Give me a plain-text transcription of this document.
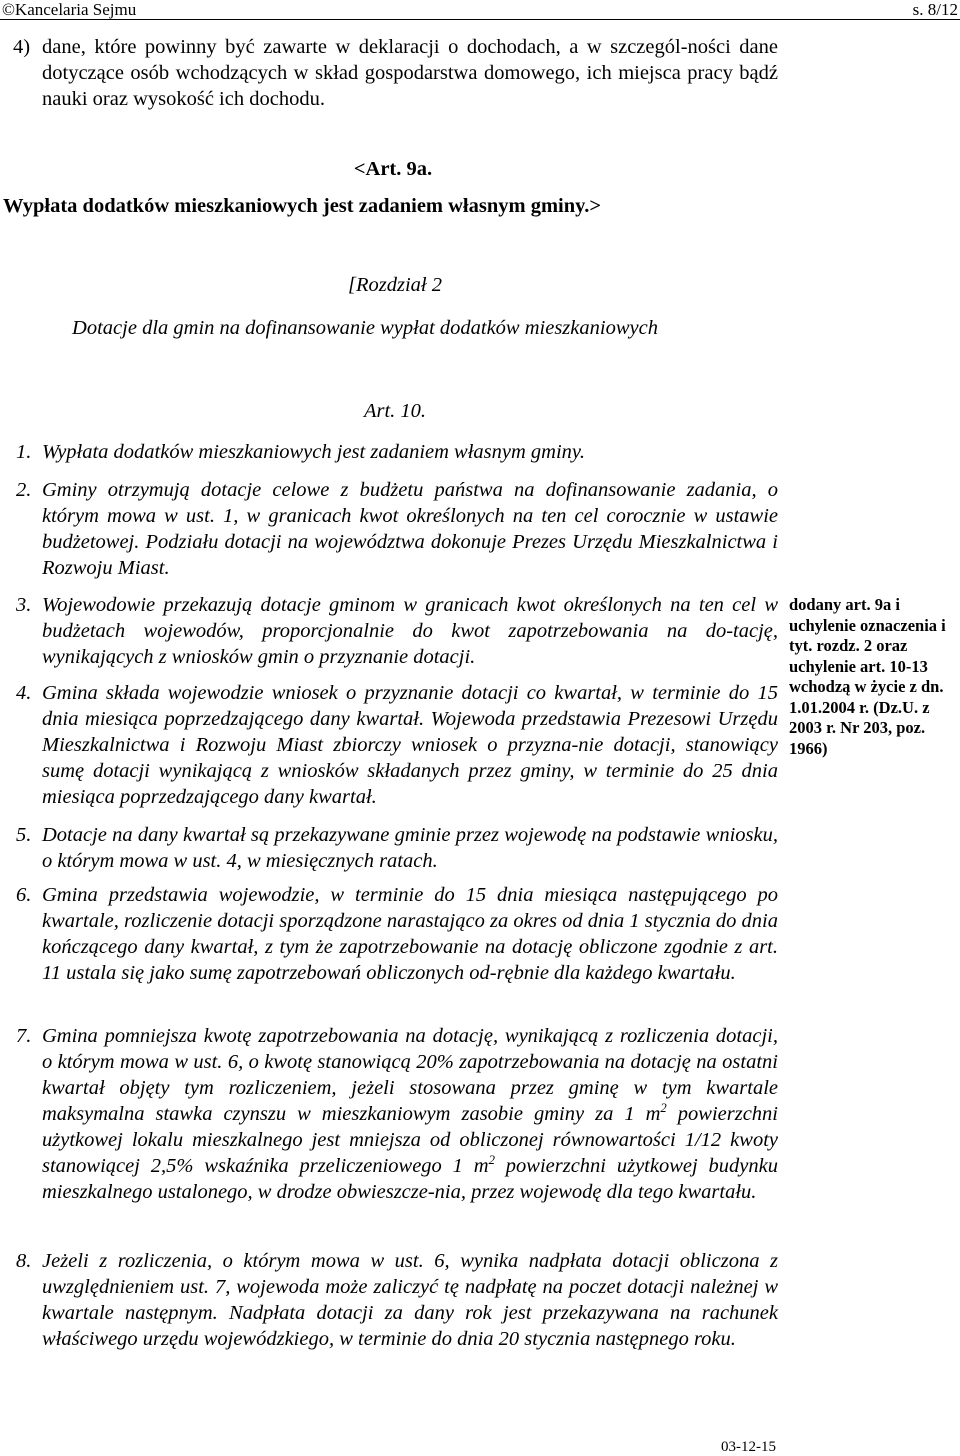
©Kancelaria Sejmu	s. 8/12
4) dane, które powinny być zawarte w deklaracji o dochodach, a w szczegól-ności dane dotyczące osób wchodzących w skład gospodarstwa domowego, ich miejsca pracy bądź nauki oraz wysokość ich dochodu.
<Art. 9a.
Wypłata dodatków mieszkaniowych jest zadaniem własnym gminy.>
[Rozdział 2
Dotacje dla gmin na dofinansowanie wypłat dodatków mieszkaniowych
Art. 10.
1. Wypłata dodatków mieszkaniowych jest zadaniem własnym gminy.
2. Gminy otrzymują dotacje celowe z budżetu państwa na dofinansowanie zadania, o którym mowa w ust. 1, w granicach kwot określonych na ten cel corocznie w ustawie budżetowej. Podziału dotacji na województwa dokonuje Prezes Urzędu Mieszkalnictwa i Rozwoju Miast.
3. Wojewodowie przekazują dotacje gminom w granicach kwot określonych na ten cel w budżetach wojewodów, proporcjonalnie do kwot zapotrzebowania na do-tację, wynikających z wniosków gmin o przyznanie dotacji.
4. Gmina składa wojewodzie wniosek o przyznanie dotacji co kwartał, w terminie do 15 dnia miesiąca poprzedzającego dany kwartał. Wojewoda przedstawia Prezesowi Urzędu Mieszkalnictwa i Rozwoju Miast zbiorczy wniosek o przyzna-nie dotacji, stanowiący sumę dotacji wynikającą z wniosków składanych przez gminy, w terminie do 25 dnia miesiąca poprzedzającego dany kwartał.
5. Dotacje na dany kwartał są przekazywane gminie przez wojewodę na podstawie wniosku, o którym mowa w ust. 4, w miesięcznych ratach.
6. Gmina przedstawia wojewodzie, w terminie do 15 dnia miesiąca następującego po kwartale, rozliczenie dotacji sporządzone narastająco za okres od dnia 1 stycznia do dnia kończącego dany kwartał, z tym że zapotrzebowanie na dotację obliczone zgodnie z art. 11 ustala się jako sumę zapotrzebowań obliczonych od-rębnie dla każdego kwartału.
7. Gmina pomniejsza kwotę zapotrzebowania na dotację, wynikającą z rozliczenia dotacji, o którym mowa w ust. 6, o kwotę stanowiącą 20% zapotrzebowania na dotację na ostatni kwartał objęty tym rozliczeniem, jeżeli stosowana przez gminę w tym kwartale maksymalna stawka czynszu w mieszkaniowym zasobie gminy za 1 $m^2$ powierzchni użytkowej lokalu mieszkalnego jest mniejsza od obliczonej równowartości 1/12 kwoty stanowiącej 2,5% wskaźnika przeliczeniowego 1 $m^2$ powierzchni użytkowej budynku mieszkalnego ustalonego, w drodze obwieszcze-nia, przez wojewodę dla tego kwartału.
8. Jeżeli z rozliczenia, o którym mowa w ust. 6, wynika nadpłata dotacji obliczona z uwzględnieniem ust. 7, wojewoda może zaliczyć tę nadpłatę na poczet dotacji należnej w kwartale następnym. Nadpłata dotacji za dany rok jest przekazywana na rachunek właściwego urzędu wojewódzkiego, w terminie do dnia 20 stycznia następnego roku.
dodany art. 9a i uchylenie oznaczenia i tyt. rozdz. 2 oraz uchylenie art. 10-13 wchodzą w życie z dn. 1.01.2004 r. (Dz.U. z 2003 r. Nr 203, poz. 1966)
03-12-15
